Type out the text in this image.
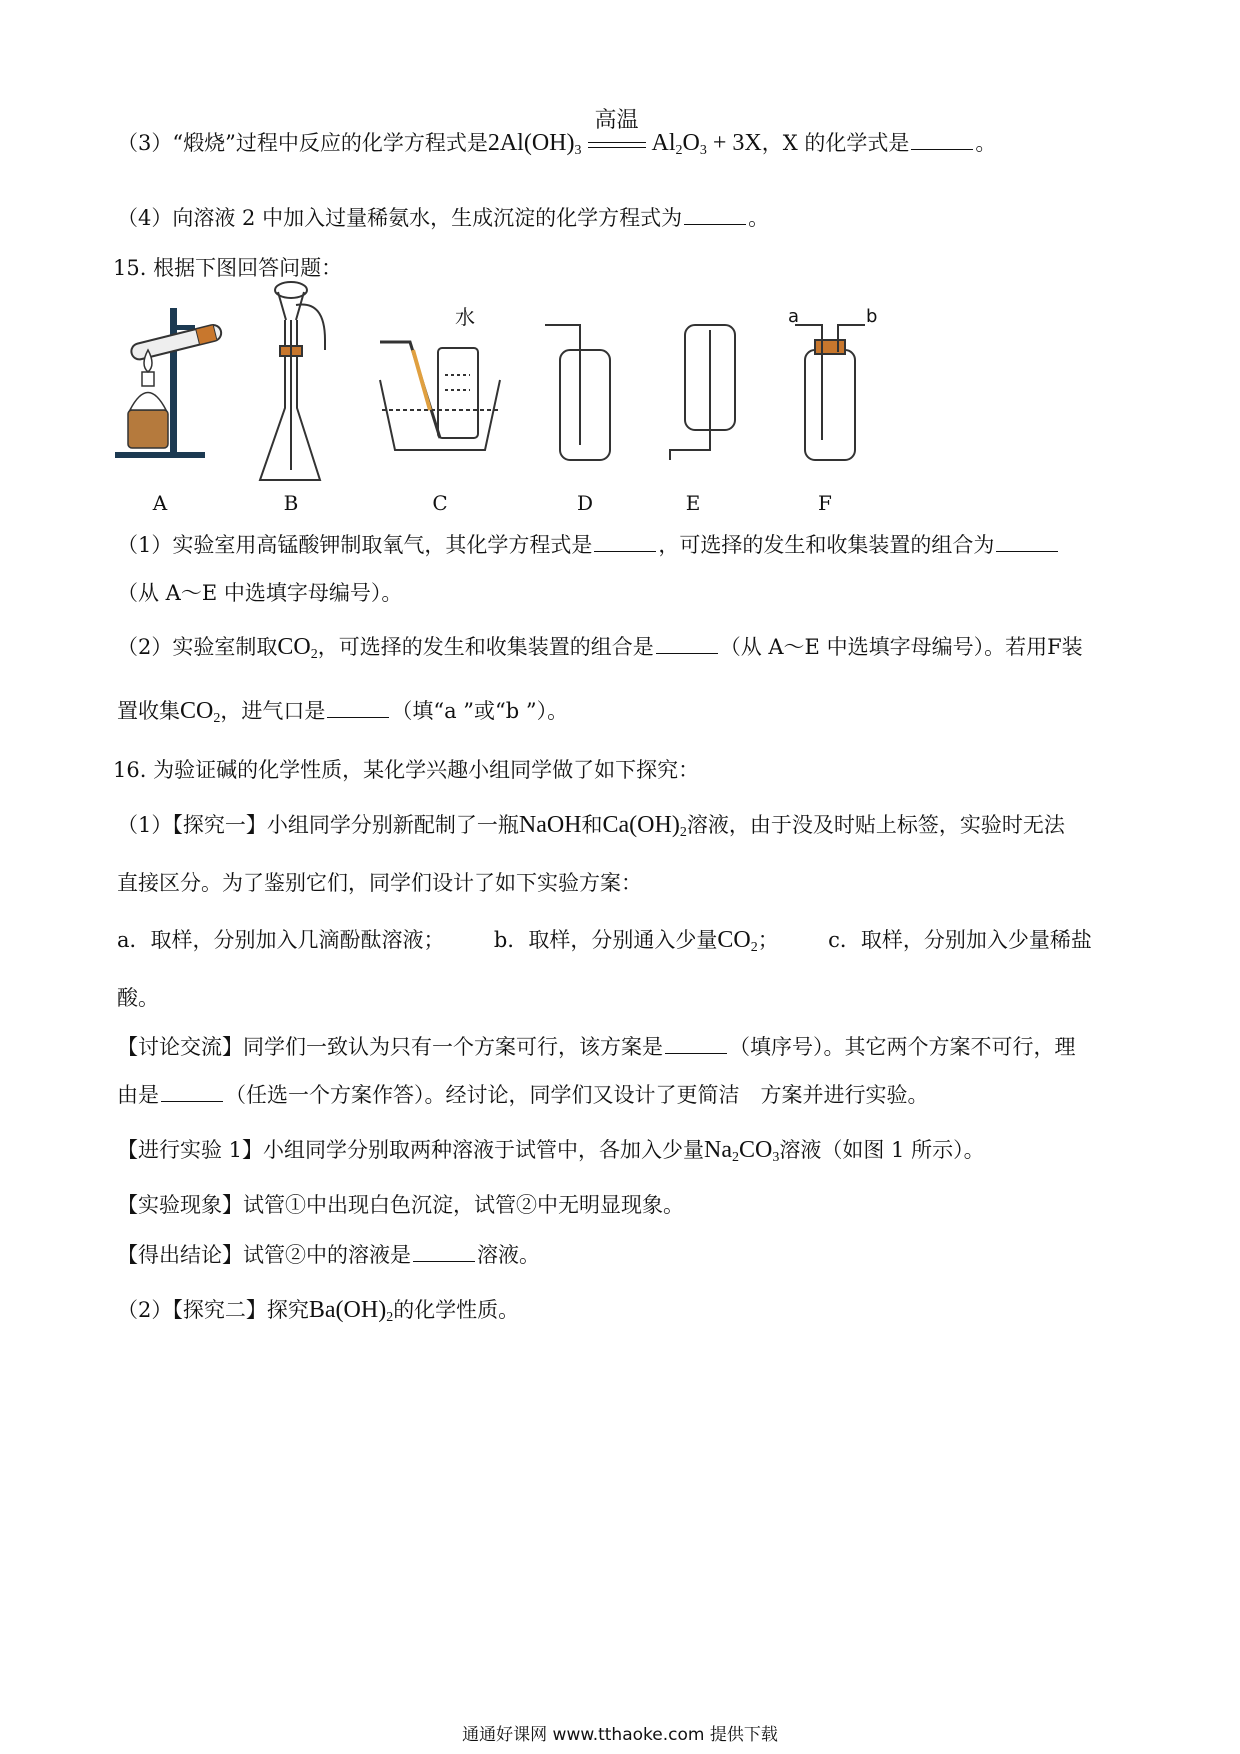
（3）“煅烧”过程中反应的化学方程式是$2Al(OH)_3$
高温
$Al_2O_3 + 3X$，X 的化学式是	。
（4）向溶液 2 中加入过量稀氨水，生成沉淀的化学方程式为	。
15. 根据下图回答问题：
水	a	b
A	B	C	D	E	F
（1）实验室用高锰酸钾制取氧气，其化学方程式是	，可选择的发生和收集装置的组合为
（从 A～E 中选填字母编号）。
（2）实验室制取$CO_2$，可选择的发生和收集装置的组合是	（从 A～E 中选填字母编号）。若用F装
置收集$CO_2$，进气口是	（填“a ”或“b ”）。
16. 为验证碱的化学性质，某化学兴趣小组同学做了如下探究：
（1）【探究一】小组同学分别新配制了一瓶NaOH和$Ca(OH)_2$溶液，由于没及时贴上标签，实验时无法
直接区分。为了鉴别它们，同学们设计了如下实验方案：
a．取样，分别加入几滴酚酞溶液； b．取样，分别通入少量$CO_2$； c．取样，分别加入少量稀盐
酸。
【讨论交流】同学们一致认为只有一个方案可行，该方案是	（填序号）。其它两个方案不可行，理
由是	（任选一个方案作答）。经讨论，同学们又设计了更简洁　方案并进行实验。
【进行实验 1】小组同学分别取两种溶液于试管中，各加入少量$Na_2CO_3$溶液（如图 1 所示）。
【实验现象】试管①中出现白色沉淀，试管②中无明显现象。
【得出结论】试管②中的溶液是	溶液。
（2）【探究二】探究$Ba(OH)_2$的化学性质。
通通好课网 www.tthaoke.com 提供下载
